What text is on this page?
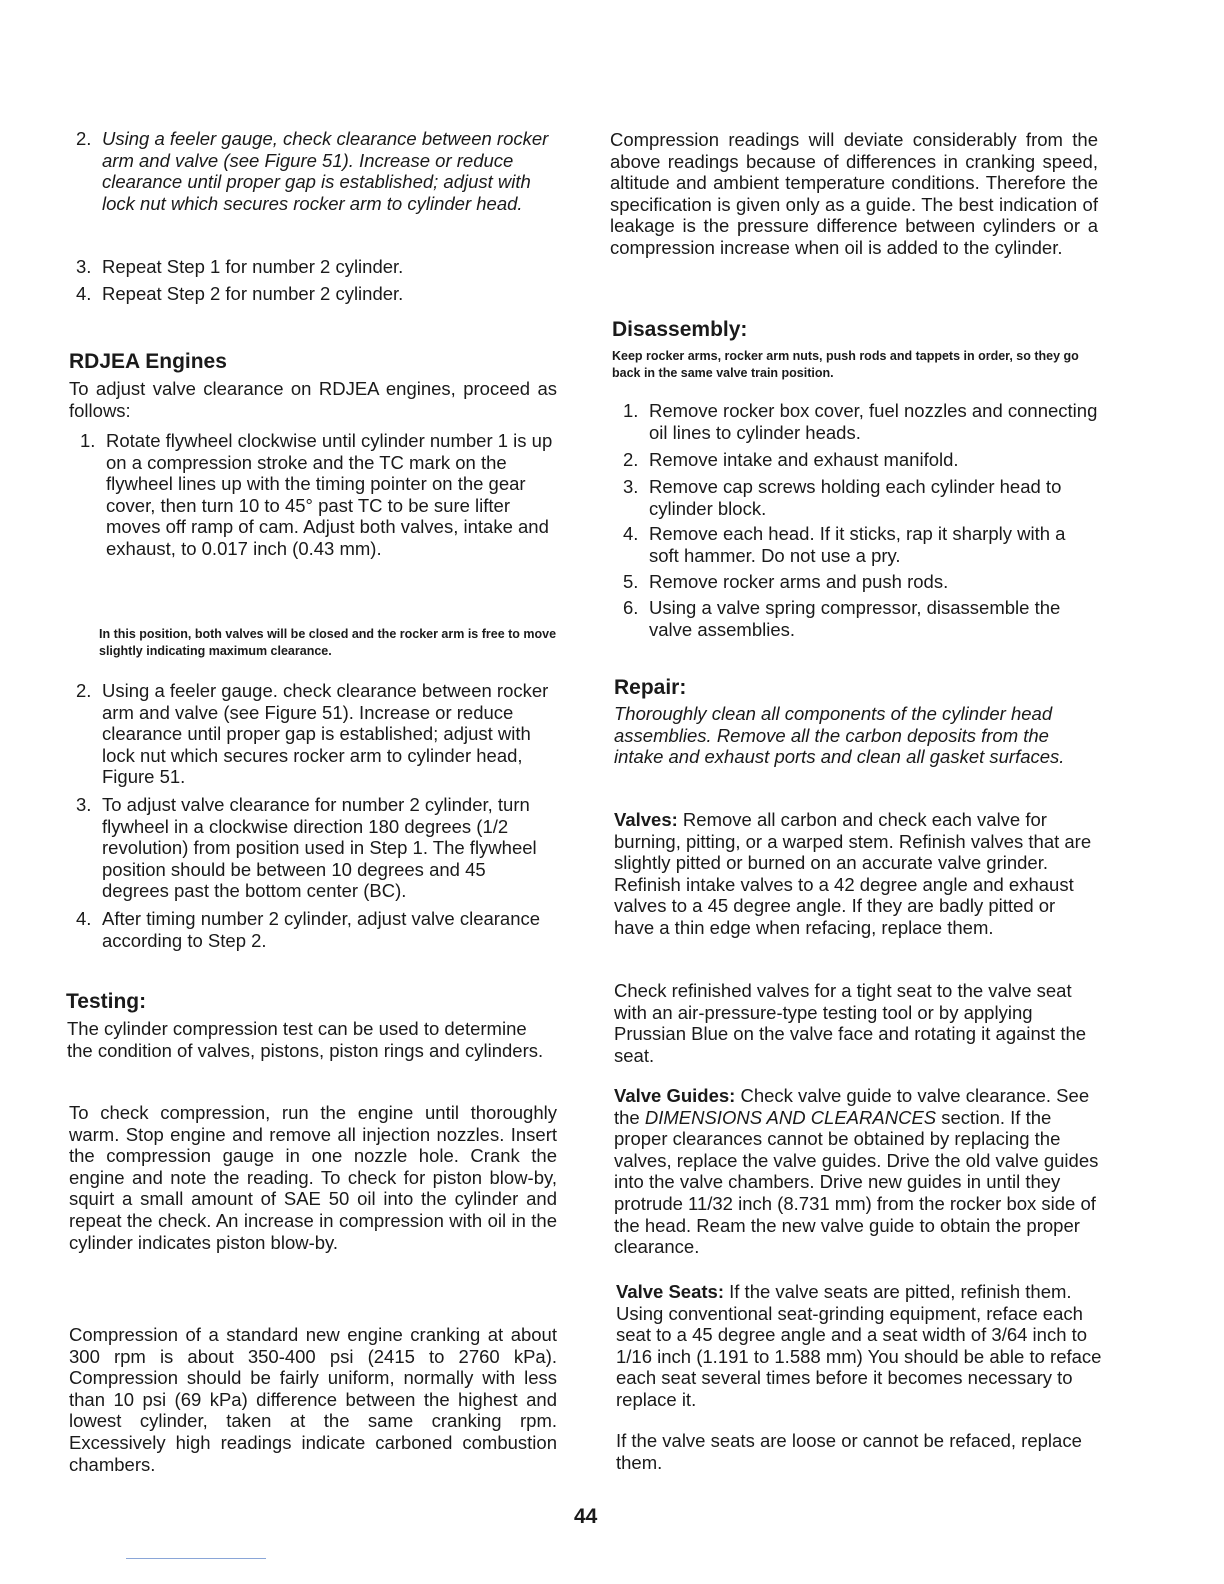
2. Using a feeler gauge, check clearance between rocker arm and valve (see Figure 51). Increase or reduce clearance until proper gap is established; adjust with lock nut which secures rocker arm to cylinder head.
3. Repeat Step 1 for number 2 cylinder.
4. Repeat Step 2 for number 2 cylinder.
RDJEA Engines

To adjust valve clearance on RDJEA engines, proceed as follows:

1. Rotate flywheel clockwise until cylinder number 1 is up on a compression stroke and the TC mark on the flywheel lines up with the timing pointer on the gear cover, then turn 10 to 45° past TC to be sure lifter moves off ramp of cam. Adjust both valves, intake and exhaust, to 0.017 inch (0.43 mm).

In this position, both valves will be closed and the rocker arm is free to move slightly indicating maximum clearance.

2. Using a feeler gauge. check clearance between rocker arm and valve (see Figure 51). Increase or reduce clearance until proper gap is established; adjust with lock nut which secures rocker arm to cylinder head, Figure 51.
3. To adjust valve clearance for number 2 cylinder, turn flywheel in a clockwise direction 180 degrees (1/2 revolution) from position used in Step 1. The flywheel position should be between 10 degrees and 45 degrees past the bottom center (BC).
4. After timing number 2 cylinder, adjust valve clearance according to Step 2.
Testing:

The cylinder compression test can be used to determine the condition of valves, pistons, piston rings and cylinders.

To check compression, run the engine until thoroughly warm. Stop engine and remove all injection nozzles. Insert the compression gauge in one nozzle hole. Crank the engine and note the reading. To check for piston blow-by, squirt a small amount of SAE 50 oil into the cylinder and repeat the check. An increase in compression with oil in the cylinder indicates piston blow-by.

Compression of a standard new engine cranking at about 300 rpm is about 350-400 psi (2415 to 2760 kPa). Compression should be fairly uniform, normally with less than 10 psi (69 kPa) difference between the highest and lowest cylinder, taken at the same cranking rpm. Excessively high readings indicate carboned combustion chambers.

Compression readings will deviate considerably from the above readings because of differences in cranking speed, altitude and ambient temperature conditions. Therefore the specification is given only as a guide. The best indication of leakage is the pressure difference between cylinders or a compression increase when oil is added to the cylinder.

Disassembly:

Keep rocker arms, rocker arm nuts, push rods and tappets in order, so they go back in the same valve train position.

1. Remove rocker box cover, fuel nozzles and connecting oil lines to cylinder heads.
2. Remove intake and exhaust manifold.
3. Remove cap screws holding each cylinder head to cylinder block.
4. Remove each head. If it sticks, rap it sharply with a soft hammer. Do not use a pry.
5. Remove rocker arms and push rods.
6. Using a valve spring compressor, disassemble the valve assemblies.
Repair:

Thoroughly clean all components of the cylinder head assemblies. Remove all the carbon deposits from the intake and exhaust ports and clean all gasket surfaces.

Valves: Remove all carbon and check each valve for burning, pitting, or a warped stem. Refinish valves that are slightly pitted or burned on an accurate valve grinder. Refinish intake valves to a 42 degree angle and exhaust valves to a 45 degree angle. If they are badly pitted or have a thin edge when refacing, replace them.

Check refinished valves for a tight seat to the valve seat with an air-pressure-type testing tool or by applying Prussian Blue on the valve face and rotating it against the seat.

Valve Guides: Check valve guide to valve clearance. See the DIMENSIONS AND CLEARANCES section. If the proper clearances cannot be obtained by replacing the valves, replace the valve guides. Drive the old valve guides into the valve chambers. Drive new guides in until they protrude 11/32 inch (8.731 mm) from the rocker box side of the head. Ream the new valve guide to obtain the proper clearance.

Valve Seats: If the valve seats are pitted, refinish them. Using conventional seat-grinding equipment, reface each seat to a 45 degree angle and a seat width of 3/64 inch to 1/16 inch (1.191 to 1.588 mm) You should be able to reface each seat several times before it becomes necessary to replace it.

If the valve seats are loose or cannot be refaced, replace them.

44
